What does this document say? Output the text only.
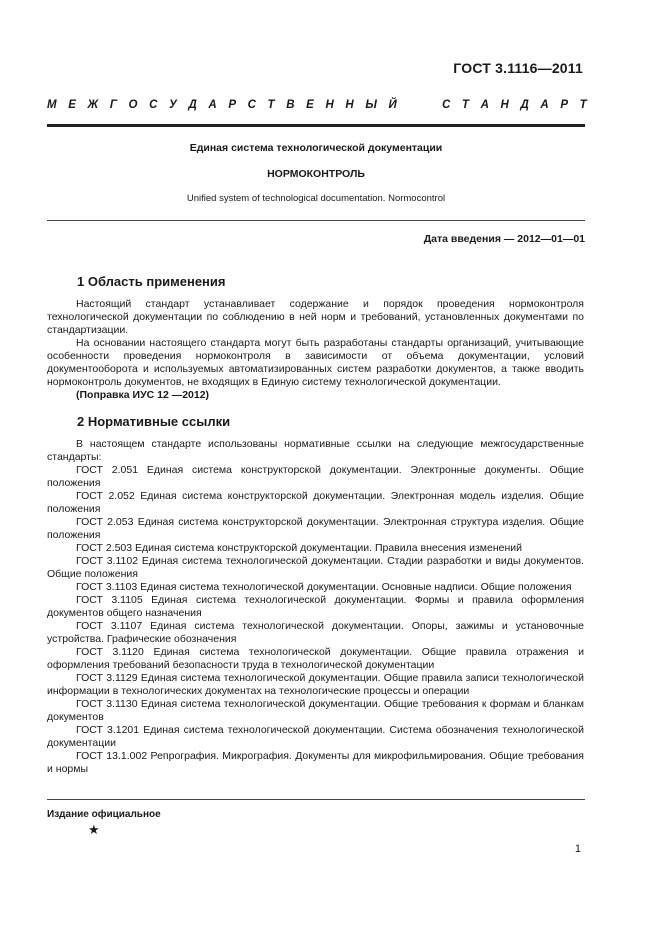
ГОСТ 3.1116—2011
М Е Ж Г О С У Д А Р С Т В Е Н Н Ы Й	С Т А Н Д А Р Т
Единая система технологической документации
НОРМОКОНТРОЛЬ
Unified system of technological documentation. Normocontrol
Дата введения — 2012—01—01
1 Область применения

Настоящий стандарт устанавливает содержание и порядок проведения нормоконтроля технологической документации по соблюдению в ней норм и требований, установленных документами по стандартизации.

На основании настоящего стандарта могут быть разработаны стандарты организаций, учитывающие особенности проведения нормоконтроля в зависимости от объема документации, условий документооборота и используемых автоматизированных систем разработки документов, а также вводить нормоконтроль документов, не входящих в Единую систему технологической документации.

(Поправка ИУС 12 —2012)

2 Нормативные ссылки

В настоящем стандарте использованы нормативные ссылки на следующие межгосударственные стандарты:

ГОСТ 2.051 Единая система конструкторской документации. Электронные документы. Общие положения

ГОСТ 2.052 Единая система конструкторской документации. Электронная модель изделия. Общие положения

ГОСТ 2.053 Единая система конструкторской документации. Электронная структура изделия. Общие положения

ГОСТ 2.503 Единая система конструкторской документации. Правила внесения изменений

ГОСТ 3.1102 Единая система технологической документации. Стадии разработки и виды документов. Общие положения

ГОСТ 3.1103 Единая система технологической документации. Основные надписи. Общие положения

ГОСТ 3.1105 Единая система технологической документации. Формы и правила оформления документов общего назначения

ГОСТ 3.1107 Единая система технологической документации. Опоры, зажимы и установочные устройства. Графические обозначения

ГОСТ 3.1120 Единая система технологической документации. Общие правила отражения и оформления требований безопасности труда в технологической документации

ГОСТ 3.1129 Единая система технологической документации. Общие правила записи технологической информации в технологических документах на технологические процессы и операции

ГОСТ 3.1130 Единая система технологической документации. Общие требования к формам и бланкам документов

ГОСТ 3.1201 Единая система технологической документации. Система обозначения технологической документации

ГОСТ 13.1.002 Репрография. Микрография. Документы для микрофильмирования. Общие требования и нормы

Издание официальное
★
1
